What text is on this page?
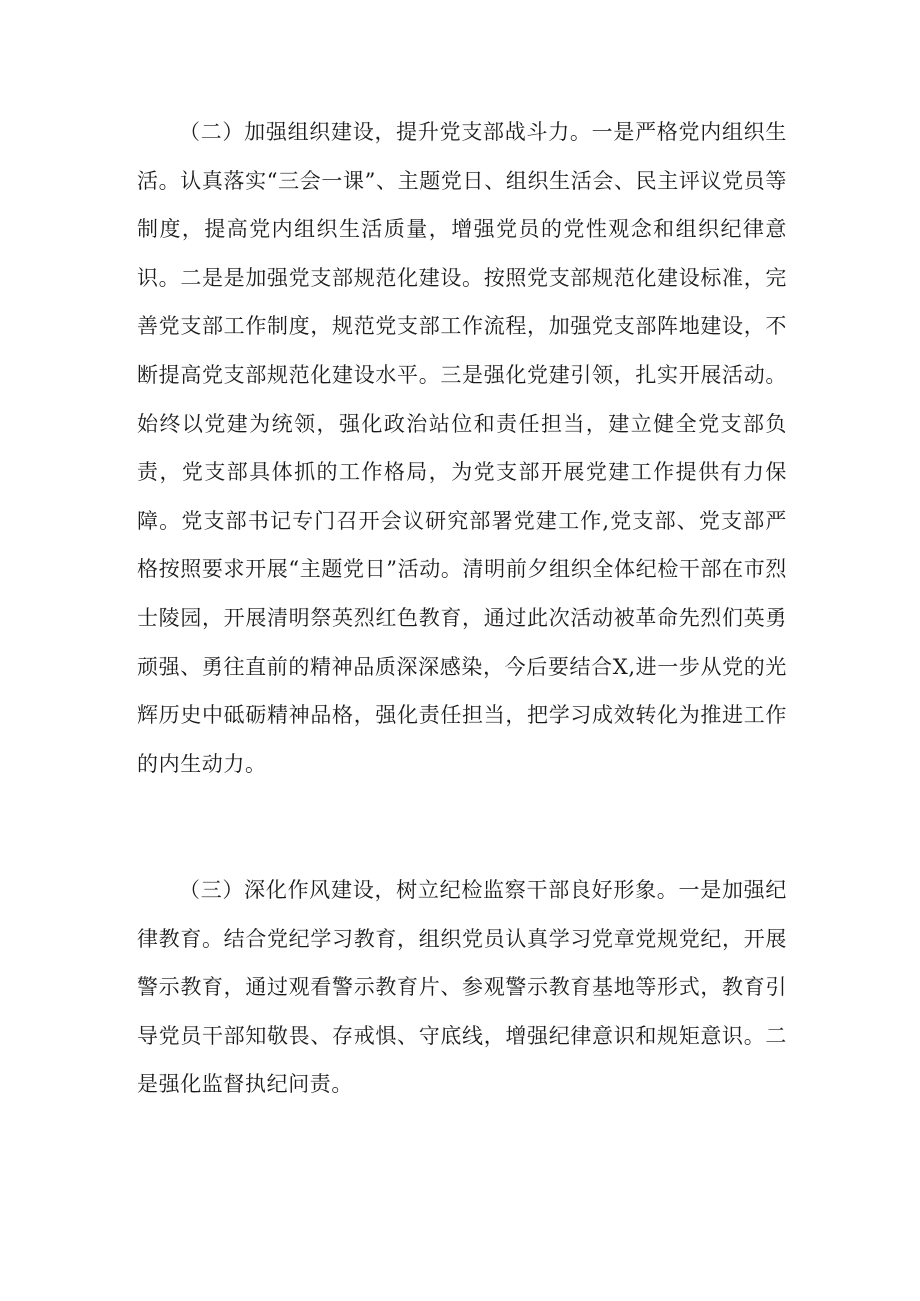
（二）加强组织建设，提升党支部战斗力。一是严格党内组织生活。认真落实“三会一课”、主题党日、组织生活会、民主评议党员等制度，提高党内组织生活质量，增强党员的党性观念和组织纪律意识。二是是加强党支部规范化建设。按照党支部规范化建设标准，完善党支部工作制度，规范党支部工作流程，加强党支部阵地建设，不断提高党支部规范化建设水平。三是强化党建引领，扎实开展活动。始终以党建为统领，强化政治站位和责任担当，建立健全党支部负责，党支部具体抓的工作格局，为党支部开展党建工作提供有力保障。党支部书记专门召开会议研究部署党建工作,党支部、党支部严格按照要求开展“主题党日”活动。清明前夕组织全体纪检干部在市烈士陵园，开展清明祭英烈红色教育，通过此次活动被革命先烈们英勇顽强、勇往直前的精神品质深深感染，今后要结合X,进一步从党的光辉历史中砥砺精神品格，强化责任担当，把学习成效转化为推进工作的内生动力。

（三）深化作风建设，树立纪检监察干部良好形象。一是加强纪律教育。结合党纪学习教育，组织党员认真学习党章党规党纪，开展警示教育，通过观看警示教育片、参观警示教育基地等形式，教育引导党员干部知敬畏、存戒惧、守底线，增强纪律意识和规矩意识。二是强化监督执纪问责。
